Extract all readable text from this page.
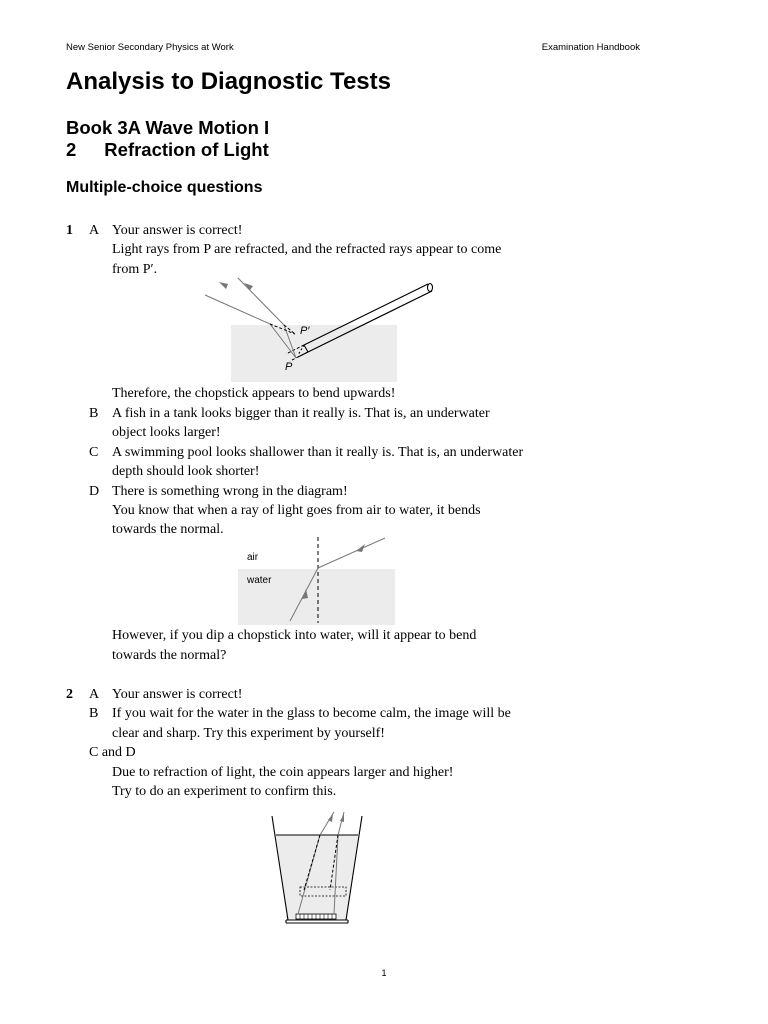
New Senior Secondary Physics at Work	Examination Handbook
Analysis to Diagnostic Tests
Book 3A Wave Motion I
2 Refraction of Light
Multiple-choice questions
1 A Your answer is correct!
Light rays from P are refracted, and the refracted rays appear to come
from P′.
P′
P
Therefore, the chopstick appears to bend upwards!
B A fish in a tank looks bigger than it really is. That is, an underwater
object looks larger!
C A swimming pool looks shallower than it really is. That is, an underwater
depth should look shorter!
D There is something wrong in the diagram!
You know that when a ray of light goes from air to water, it bends
towards the normal.
air
water
However, if you dip a chopstick into water, will it appear to bend
towards the normal?
2 A Your answer is correct!
B If you wait for the water in the glass to become calm, the image will be
clear and sharp. Try this experiment by yourself!
C and D
Due to refraction of light, the coin appears larger and higher!
Try to do an experiment to confirm this.
1
